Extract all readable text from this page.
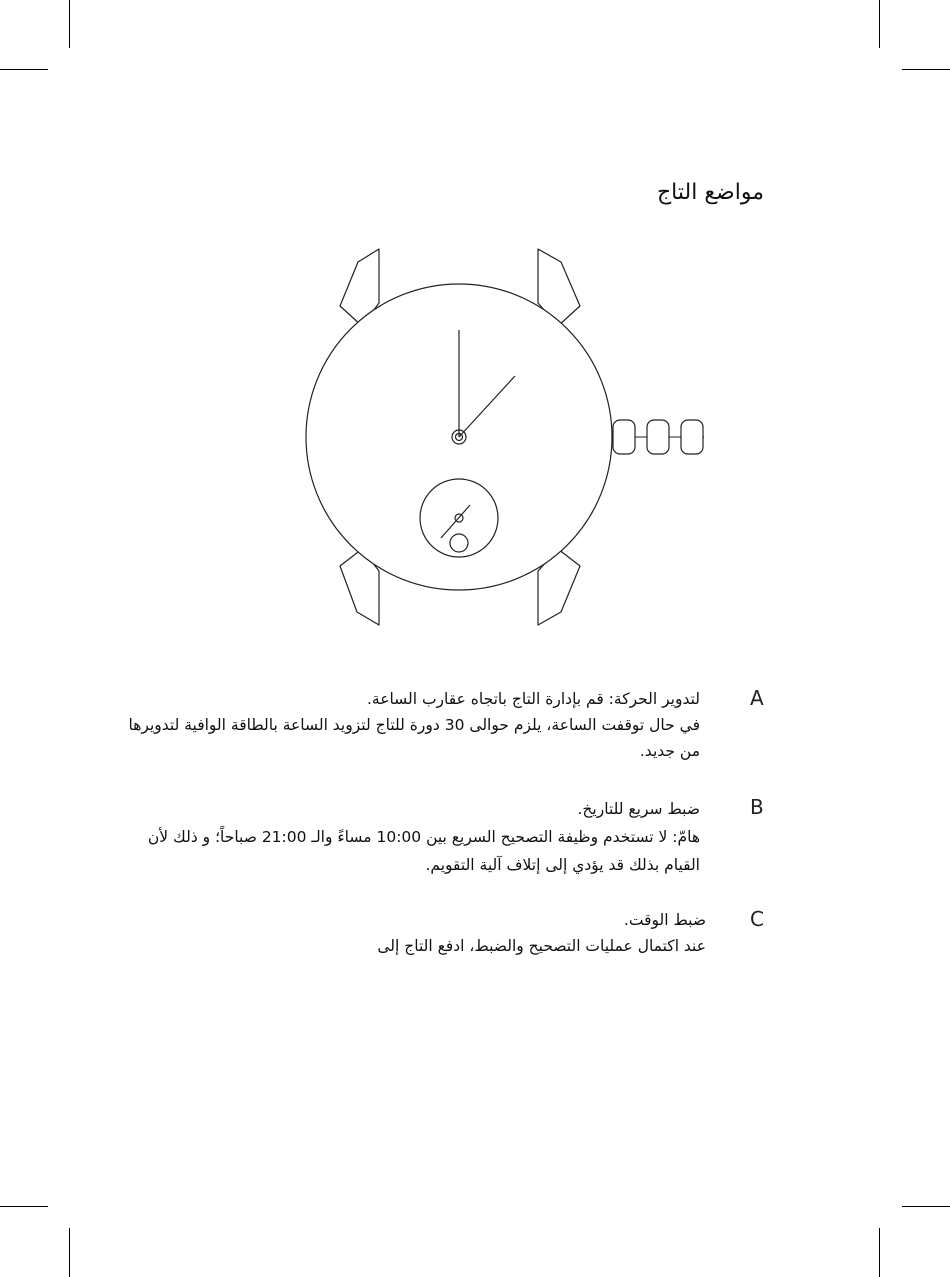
مواضع التاج
A
لتدوير الحركة: قم بإدارة التاج باتجاه عقارب الساعة.
في حال توقفت الساعة، يلزم حوالى 30 دورة للتاج لتزويد الساعة بالطاقة الوافية لتدويرها
من جديد.
B
ضبط سريع للتاريخ.
هامّ: لا تستخدم وظيفة التصحيح السريع بين 10:00 مساءً والـ 21:00 صباحاً؛ و ذلك لأن
القيام بذلك قد يؤدي إلى إتلاف آلية التقويم.
C
ضبط الوقت.
عند اكتمال عمليات التصحيح والضبط، ادفع التاج إلى
